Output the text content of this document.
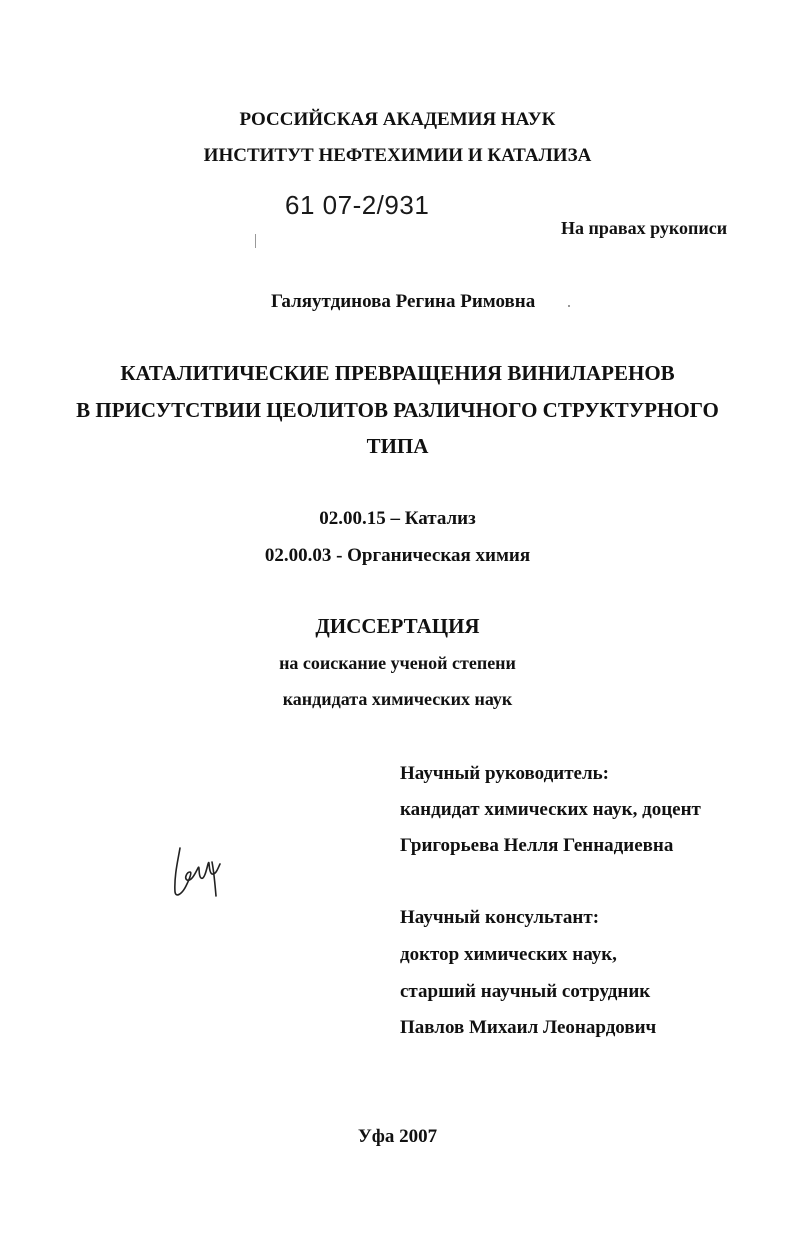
РОССИЙСКАЯ АКАДЕМИЯ НАУК
ИНСТИТУТ НЕФТЕХИМИИ И КАТАЛИЗА
61 07-2/931
На правах рукописи
Галяутдинова Регина Римовна
КАТАЛИТИЧЕСКИЕ ПРЕВРАЩЕНИЯ ВИНИЛАРЕНОВ
В ПРИСУТСТВИИ ЦЕОЛИТОВ РАЗЛИЧНОГО СТРУКТУРНОГО
ТИПА
02.00.15 – Катализ
02.00.03 - Органическая химия
ДИССЕРТАЦИЯ
на соискание ученой степени
кандидата химических наук
Научный руководитель:
кандидат химических наук, доцент
Григорьева Нелля Геннадиевна
Научный консультант:
доктор химических наук,
старший научный сотрудник
Павлов Михаил Леонардович
Уфа 2007
